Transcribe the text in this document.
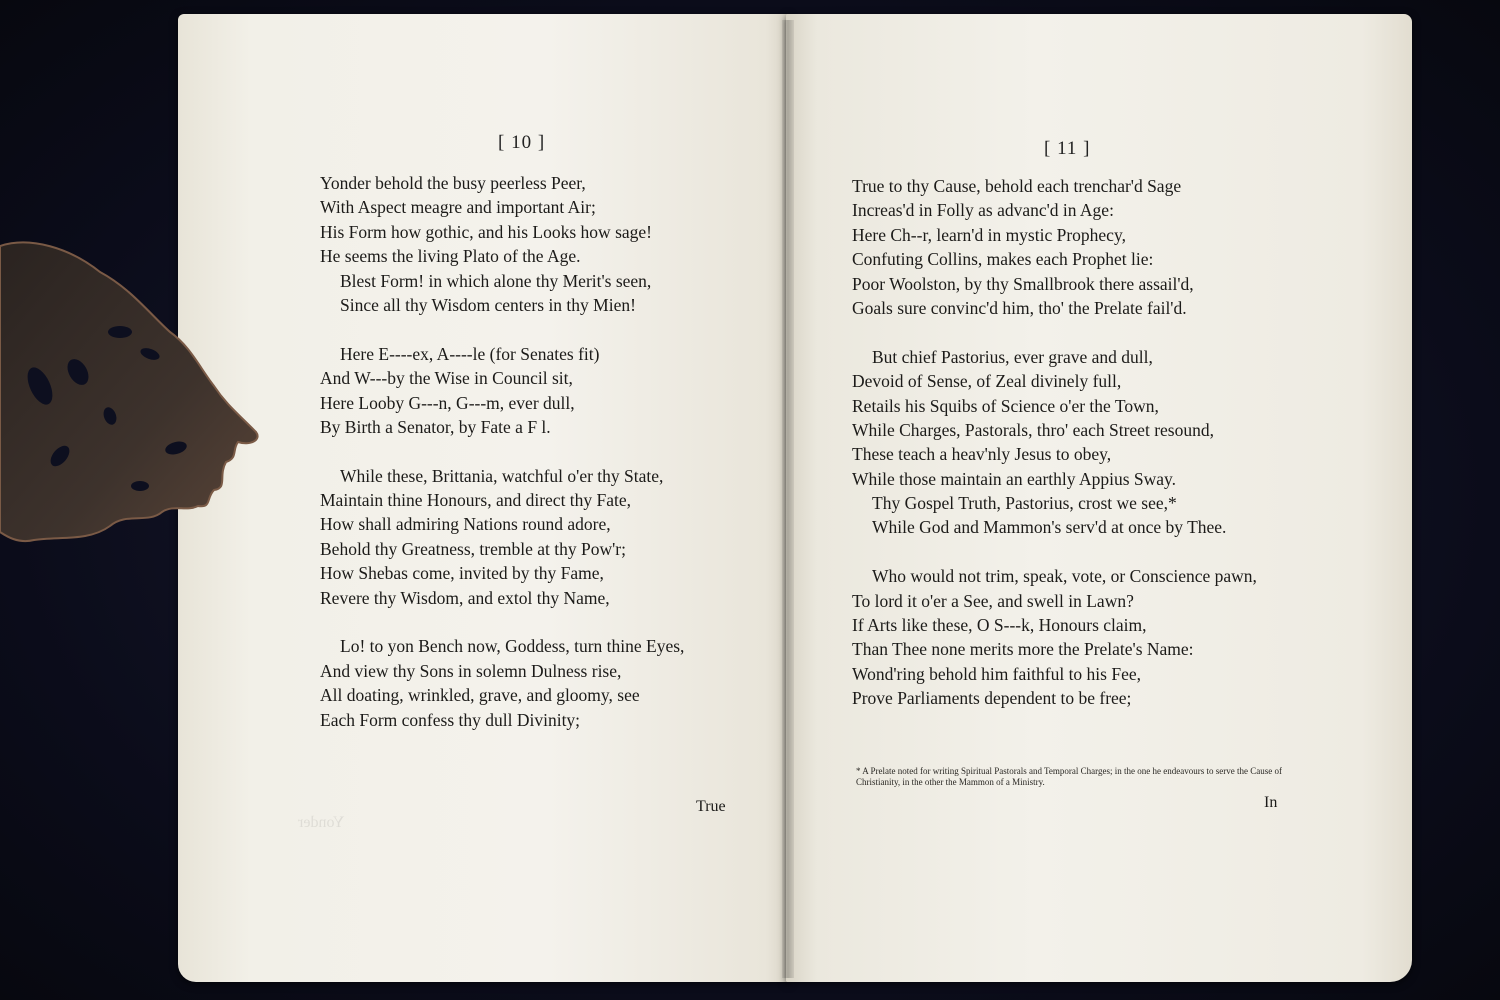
Yonder
[ 10 ]
Yonder behold the busy peerless Peer,
With Aspect meagre and important Air;
His Form how gothic, and his Looks how sage!
He seems the living Plato of the Age.
Blest Form! in which alone thy Merit's seen,
Since all thy Wisdom centers in thy Mien!
Here E----ex, A----le (for Senates fit)
And W---by the Wise in Council sit,
Here Looby G---n, G---m, ever dull,
By Birth a Senator, by Fate a F l.
While these, Brittania, watchful o'er thy State,
Maintain thine Honours, and direct thy Fate,
How shall admiring Nations round adore,
Behold thy Greatness, tremble at thy Pow'r;
How Shebas come, invited by thy Fame,
Revere thy Wisdom, and extol thy Name,
Lo! to yon Bench now, Goddess, turn thine Eyes,
And view thy Sons in solemn Dulness rise,
All doating, wrinkled, grave, and gloomy, see
Each Form confess thy dull Divinity;
True
[ 11 ]
True to thy Cause, behold each trenchar'd Sage
Increas'd in Folly as advanc'd in Age:
Here Ch--r, learn'd in mystic Prophecy,
Confuting Collins, makes each Prophet lie:
Poor Woolston, by thy Smallbrook there assail'd,
Goals sure convinc'd him, tho' the Prelate fail'd.
But chief Pastorius, ever grave and dull,
Devoid of Sense, of Zeal divinely full,
Retails his Squibs of Science o'er the Town,
While Charges, Pastorals, thro' each Street resound,
These teach a heav'nly Jesus to obey,
While those maintain an earthly Appius Sway.
Thy Gospel Truth, Pastorius, crost we see,*
While God and Mammon's serv'd at once by Thee.
Who would not trim, speak, vote, or Conscience pawn,
To lord it o'er a See, and swell in Lawn?
If Arts like these, O S---k, Honours claim,
Than Thee none merits more the Prelate's Name:
Wond'ring behold him faithful to his Fee,
Prove Parliaments dependent to be free;
* A Prelate noted for writing Spiritual Pastorals and Temporal Charges; in the one he endeavours to serve the Cause of Christianity, in the other the Mammon of a Ministry.
In
